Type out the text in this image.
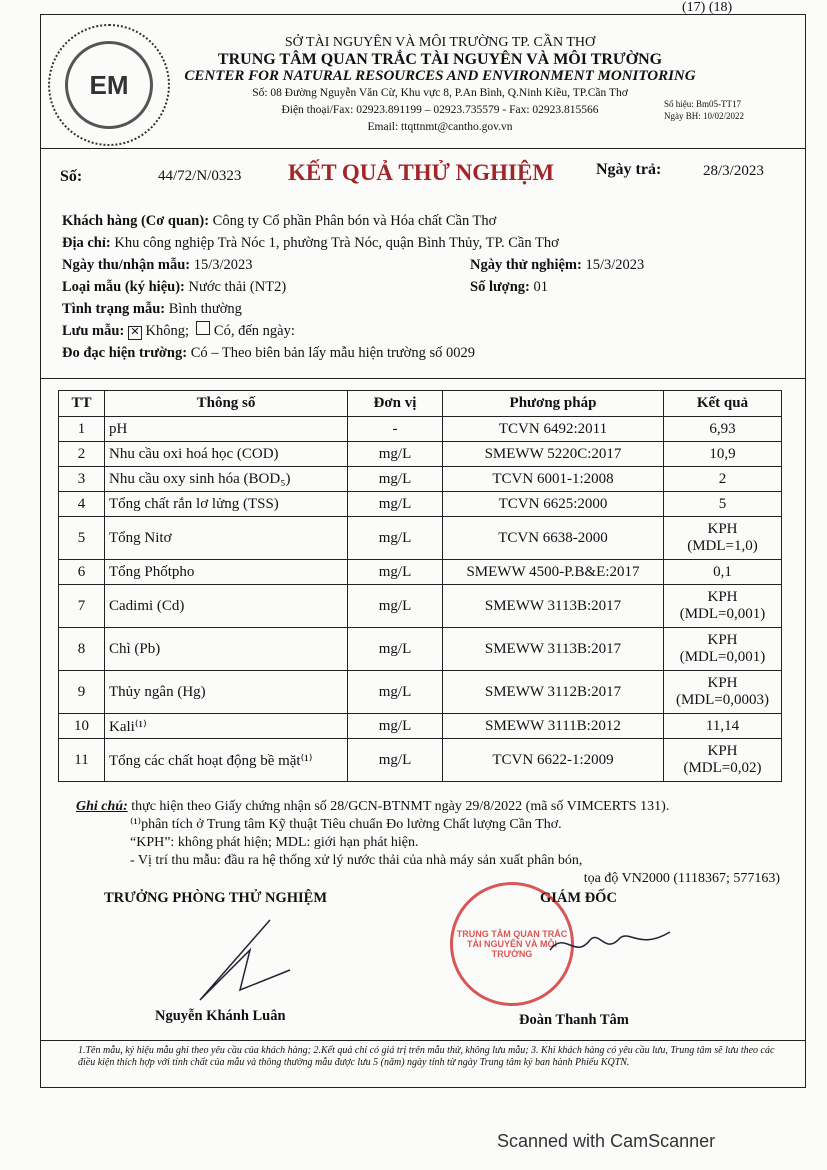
(17) (18)
EM
SỞ TÀI NGUYÊN VÀ MÔI TRƯỜNG TP. CẦN THƠ
TRUNG TÂM QUAN TRẮC TÀI NGUYÊN VÀ MÔI TRƯỜNG
CENTER FOR NATURAL RESOURCES AND ENVIRONMENT MONITORING
Số: 08 Đường Nguyễn Văn Cừ, Khu vực 8, P.An Bình, Q.Ninh Kiều, TP.Cần Thơ
Điện thoại/Fax: 02923.891199 – 02923.735579 - Fax: 02923.815566
Email: ttqttnmt@cantho.gov.vn
Số hiệu: Bm05-TT17
Ngày BH: 10/02/2022
Số:	44/72/N/0323 KẾT QUẢ THỬ NGHIỆM	Ngày trả:	28/3/2023
Khách hàng (Cơ quan): Công ty Cổ phần Phân bón và Hóa chất Cần Thơ
Địa chỉ: Khu công nghiệp Trà Nóc 1, phường Trà Nóc, quận Bình Thủy, TP. Cần Thơ
Ngày thu/nhận mẫu: 15/3/2023
Loại mẫu (ký hiệu): Nước thải (NT2)
Tình trạng mẫu: Bình thường
Lưu mẫu: ✕ Không; Có, đến ngày:
Đo đạc hiện trường: Có – Theo biên bản lấy mẫu hiện trường số 0029
Ngày thử nghiệm: 15/3/2023
Số lượng: 01
TT	Thông số	Đơn vị	Phương pháp	Kết quả
1	pH	-	TCVN 6492:2011	6,93

2	Nhu cầu oxi hoá học (COD)	mg/L	SMEWW 5220C:2017	10,9

3	Nhu cầu oxy sinh hóa (BOD₅)	mg/L	TCVN 6001-1:2008	2

4	Tổng chất rắn lơ lửng (TSS)	mg/L	TCVN 6625:2000	5

5	Tổng Nitơ	mg/L	TCVN 6638-2000	KPH
(MDL=1,0)

6	Tổng Phốtpho	mg/L	SMEWW 4500-P.B&E:2017	0,1

7	Cadimi (Cd)	mg/L	SMEWW 3113B:2017	KPH
(MDL=0,001)

8	Chì (Pb)	mg/L	SMEWW 3113B:2017	KPH
(MDL=0,001)

9	Thủy ngân (Hg)	mg/L	SMEWW 3112B:2017	KPH
(MDL=0,0003)

10	Kali⁽¹⁾	mg/L	SMEWW 3111B:2012	11,14

11	Tổng các chất hoạt động bề mặt⁽¹⁾	mg/L	TCVN 6622-1:2009	KPH
(MDL=0,02)
Ghi chú: thực hiện theo Giấy chứng nhận số 28/GCN-BTNMT ngày 29/8/2022 (mã số VIMCERTS 131).
⁽¹⁾phân tích ở Trung tâm Kỹ thuật Tiêu chuẩn Đo lường Chất lượng Cần Thơ.
“KPH”: không phát hiện; MDL: giới hạn phát hiện.
- Vị trí thu mẫu: đầu ra hệ thống xử lý nước thải của nhà máy sản xuất phân bón,
tọa độ VN2000 (1118367; 577163)
TRƯỞNG PHÒNG THỬ NGHIỆM
Nguyễn Khánh Luân
TRUNG TÂM QUAN TRẮC TÀI NGUYÊN VÀ MÔI TRƯỜNG
GIÁM ĐỐC
Đoàn Thanh Tâm
1.Tên mẫu, ký hiệu mẫu ghi theo yêu cầu của khách hàng; 2.Kết quả chỉ có giá trị trên mẫu thử, không lưu mẫu; 3. Khi khách hàng có yêu cầu lưu, Trung tâm sẽ lưu theo các điều kiện thích hợp với tính chất của mẫu và thông thường mẫu được lưu 5 (năm) ngày tính từ ngày Trung tâm ký ban hành Phiếu KQTN.
Scanned with CamScanner
